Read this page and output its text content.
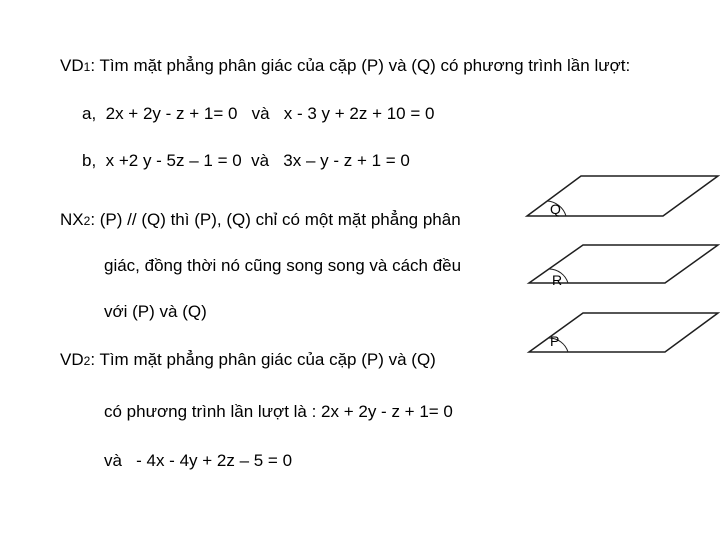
VD1: Tìm mặt phẳng phân giác của cặp (P) và (Q) có phương trình lần lượt:
a,  2x + 2y - z + 1= 0   và   x - 3 y + 2z + 10 = 0
b,  x +2 y - 5z – 1 = 0  và   3x – y - z + 1 = 0
NX2: (P) // (Q) thì (P), (Q) chỉ có một mặt phẳng phân
giác, đồng thời nó cũng song song và cách đều
với (P) và (Q)
VD2: Tìm mặt phẳng phân giác của cặp (P) và (Q)
có phương trình lần lượt là : 2x + 2y - z + 1= 0
và   - 4x - 4y + 2z – 5 = 0
Q
R
P
